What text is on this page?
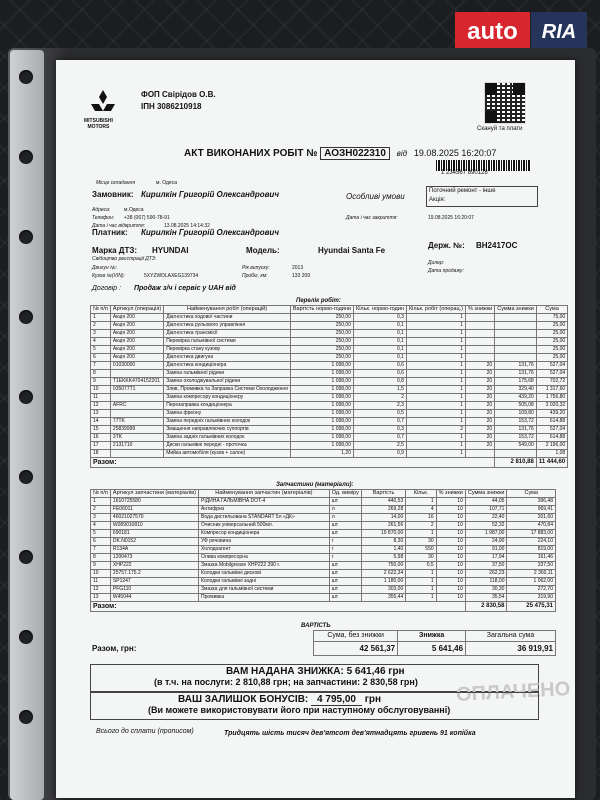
auto	RIA
MITSUBISHI
MOTORS
ФОП Свірідов О.В.
ІПН 3086210918
Скануй та плати
АКТ ВИКОНАНИХ РОБІТ № АОЗН022310 від 19.08.2025 16:20:07
1 234567 890128
Місце складання	м. Одеса
Замовник: Кирилкін Григорій Олександрович	Особливі умови
Поточний ремонт - інше
Акція:
Адреса:	м.Одеса
Телефон: +38 (067) 590-78-91
Дата і час відкриття:	13.08.2025 14:14:32
Дата і час закриття:	19.08.2025 16:20:07
Платник: Кирилкін Григорій Олександрович
Марка ДТЗ: HYUNDAI	Модель:	Hyundai Santa Fe
Держ. №: ВН2417ОС
Свідоцтво реєстрації ДТЗ:
Двигун №:
Кузов №(VIN):	5XYZWDLAXEG139734
Рік випуску:	2013
Пробіг, км:	133 209
Дилер:
Дата продажу:
Договір : Продаж з/ч і сервіс у UAH від
Перелік робіт:
№ п/п	Артикул (операція)	Найменування робіт (операцій)	Вартість нормо-години	Кільк. нормо-годин	Кільк. робіт (операц.)	% знижки	Сумма знижки	Сума
1	Акція 200	Діагностика ходової частини	250,00	0,3	1			75,00
2	Акція 200	Діагностика рульового управління	250,00	0,1	1			25,00
3	Акція 200	Діагностика трансмісії	250,00	0,1	1			25,00
4	Акція 200	Перевірка гальмівної системи	250,00	0,1	1			25,00
5	Акція 200	Перевірка стану кузову	250,00	0,1	1			25,00
6	Акція 200	Діагностика двигуна	250,00	0,1	1			25,00
7	01030000	Діагностика кондиціонера	1 098,00	0,6	1	20	131,76	527,04
8		Заміна гальмівної рідини	1 098,00	0,6	1	20	131,76	527,04
9	T1EKKK4704152201	Заміна охолоджувальної рідини	1 098,00	0,8	1	20	175,68	702,72
10	035077T1	Злив, Промивка та Заправка Системи Охолодження	1 098,00	1,5	1	20	329,40	1 317,60
11		Заміна компресору кондиціонеру	1 098,00	2	1	20	439,20	1 756,80
12	AFRC	Перезаправка кондиціонера	1 098,00	2,3	1	20	505,08	2 020,32
13		Заміна фреону	1 098,00	0,5	1	20	109,80	439,20
14	77TK	Заміна передніх гальмівних колодок	1 098,00	0,7	1	20	153,72	614,88
15	25839999	Змащення направляючих суппортів	1 098,00	0,3	2	20	131,76	527,04
16	3TK	Заміна задніх гальмівних колодок	1 098,00	0,7	1	20	153,72	614,88
17	2131710	Диски гальмівні передні - проточка	1 098,00	2,5	1	20	549,00	2 196,00
18		Мийка автомобіля (кузов + салон)	1,20	0,9	1			1,08
Разом:							2 810,88	11 444,60
Запчастини (матеріали):
№ п/п	Артикул запчастини (матеріалів)	Найменування запчастин (матеріалів)	Од. виміру	Вартість	Кільк.	% знижки	Сумма знижки	Сума
1	1610725580	РІДИНА ГАЛЬМІВНА DOT-4	шт	440,53	1	10	44,05	396,48
2	FE06011	Антифриз	л	269,28	4	10	107,71	969,41
3	46021027570	Вода дистильована STANDART 5л «ДК»	л	14,00	16	10	22,40	201,60
4	W089010810	Очисник універсальний 500мл.	шт	261,56	2	10	52,32	470,84
5	690181	Компресор кондиціонера	шт	19 870,00	1	10	1 987,00	17 883,00
6	DK.N0152	УФ речовина	г	8,30	30	10	24,90	224,10
7	R134A	Холодоагент	г	1,40	550	10	91,00	819,00
8	1200473	Олива компресорна	г	5,98	30	10	17,94	161,46
9	XHP222	Змазка Mobilgrease XHP222 390 г.	шт	750,00	0,5	10	37,50	337,50
10	25757.175.2	Колодки гальмівні дискові	шт	2 622,34	1	10	262,23	2 360,11
11	SP1247	Колодки гальмівні задні	шт	1 180,00	1	10	118,00	1 062,00
12	PFG110	Змазка для гальмівної системи	шт	303,00	1	10	30,30	272,70
13	W45044	Промивка	шт	355,44	1	10	35,54	319,90
Разом:							2 830,58	25 475,31
ВАРТІСТЬ
	Сума, без знижки	Знижка	Загальна сума
Разом, грн:	42 561,37	5 641,46	36 919,91
ВАМ НАДАНА ЗНИЖКА: 5 641,46 грн
(в т.ч. на послуги: 2 810,88 грн; на запчастини: 2 830,58 грн) ОПЛАЧЕНО
ВАШ ЗАЛИШОК БОНУСІВ: 4 795,00 грн
(Ви можете використовувати його при наступному обслуговуванні)
Всього до сплати (прописом)	Тридцять шість тисяч дев'ятсот дев'ятнадцять гривень 91 копійка
